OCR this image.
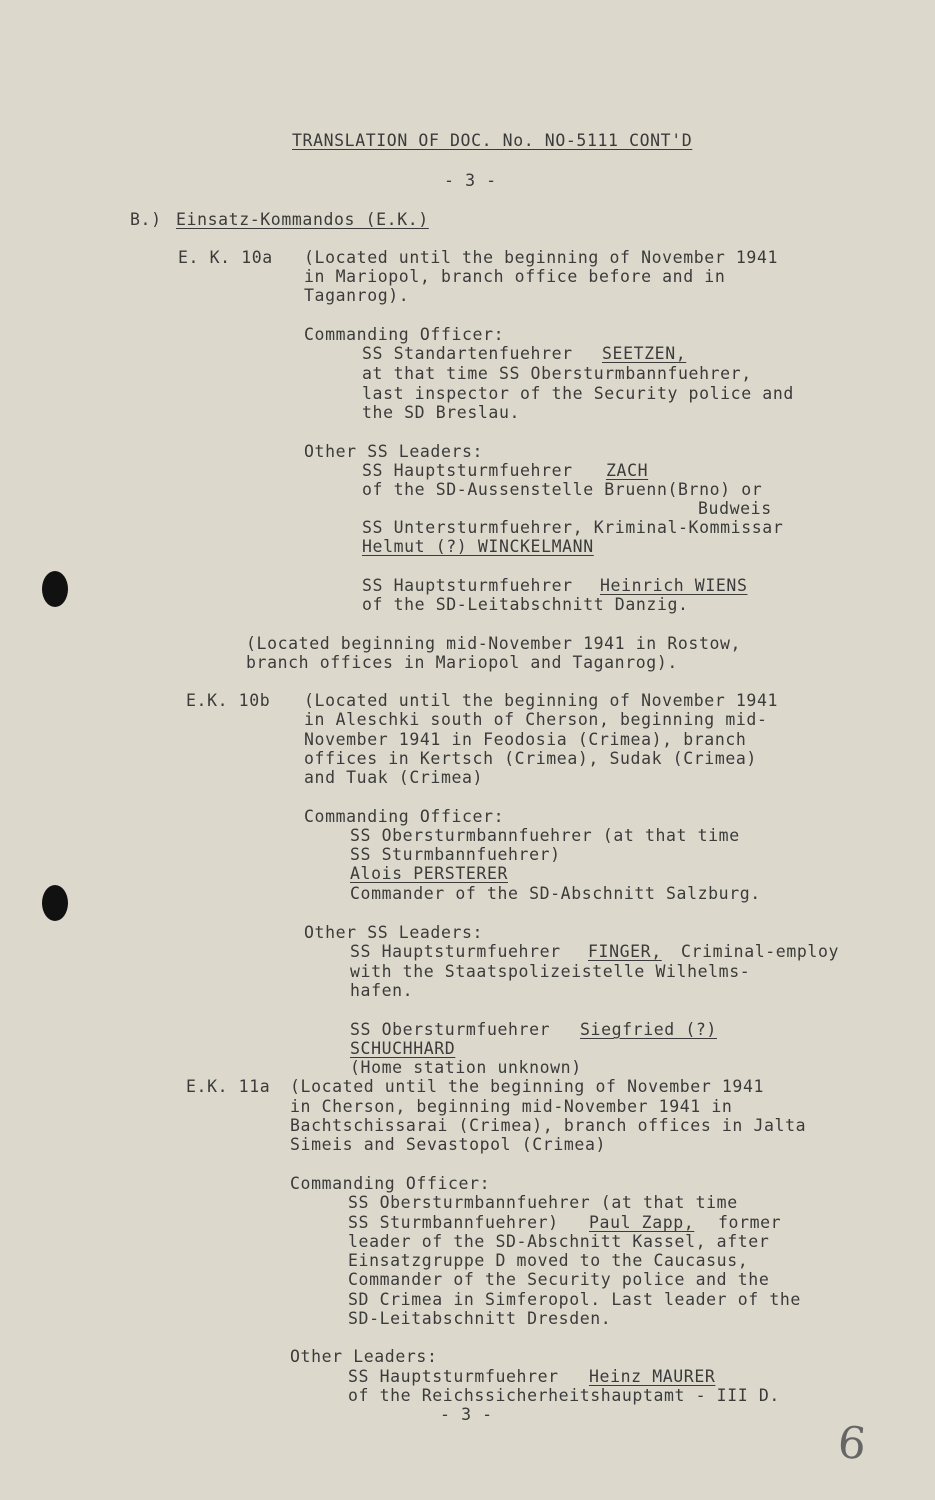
TRANSLATION OF DOC. No. NO-5111 CONT'D
- 3 -
B.) Einsatz-Kommandos (E.K.)
E. K. 10a (Located until the beginning of November 1941
in Mariopol, branch office before and in
Taganrog).
Commanding Officer:
SS Standartenfuehrer SEETZEN,
at that time SS Obersturmbannfuehrer,
last inspector of the Security police and
the SD Breslau.
Other SS Leaders:
SS Hauptsturmfuehrer ZACH
of the SD-Aussenstelle Bruenn(Brno) or
Budweis
SS Untersturmfuehrer, Kriminal-Kommissar
Helmut (?) WINCKELMANN
SS Hauptsturmfuehrer Heinrich WIENS
of the SD-Leitabschnitt Danzig.
(Located beginning mid-November 1941 in Rostow,
branch offices in Mariopol and Taganrog).
E.K. 10b (Located until the beginning of November 1941
in Aleschki south of Cherson, beginning mid-
November 1941 in Feodosia (Crimea), branch
offices in Kertsch (Crimea), Sudak (Crimea)
and Tuak (Crimea)
Commanding Officer:
SS Obersturmbannfuehrer (at that time
SS Sturmbannfuehrer)
Alois PERSTERER
Commander of the SD-Abschnitt Salzburg.
Other SS Leaders:
SS Hauptsturmfuehrer FINGER, Criminal-employ
with the Staatspolizeistelle Wilhelms-
hafen.
SS Obersturmfuehrer Siegfried (?)
SCHUCHHARD
(Home station unknown)
E.K. 11a (Located until the beginning of November 1941
in Cherson, beginning mid-November 1941 in
Bachtschissarai (Crimea), branch offices in Jalta
Simeis and Sevastopol (Crimea)
Commanding Officer:
SS Obersturmbannfuehrer (at that time
SS Sturmbannfuehrer) Paul Zapp, former
leader of the SD-Abschnitt Kassel, after
Einsatzgruppe D moved to the Caucasus,
Commander of the Security police and the
SD Crimea in Simferopol. Last leader of the
SD-Leitabschnitt Dresden.
Other Leaders:
SS Hauptsturmfuehrer Heinz MAURER
of the Reichssicherheitshauptamt - III D.
- 3 -
6
